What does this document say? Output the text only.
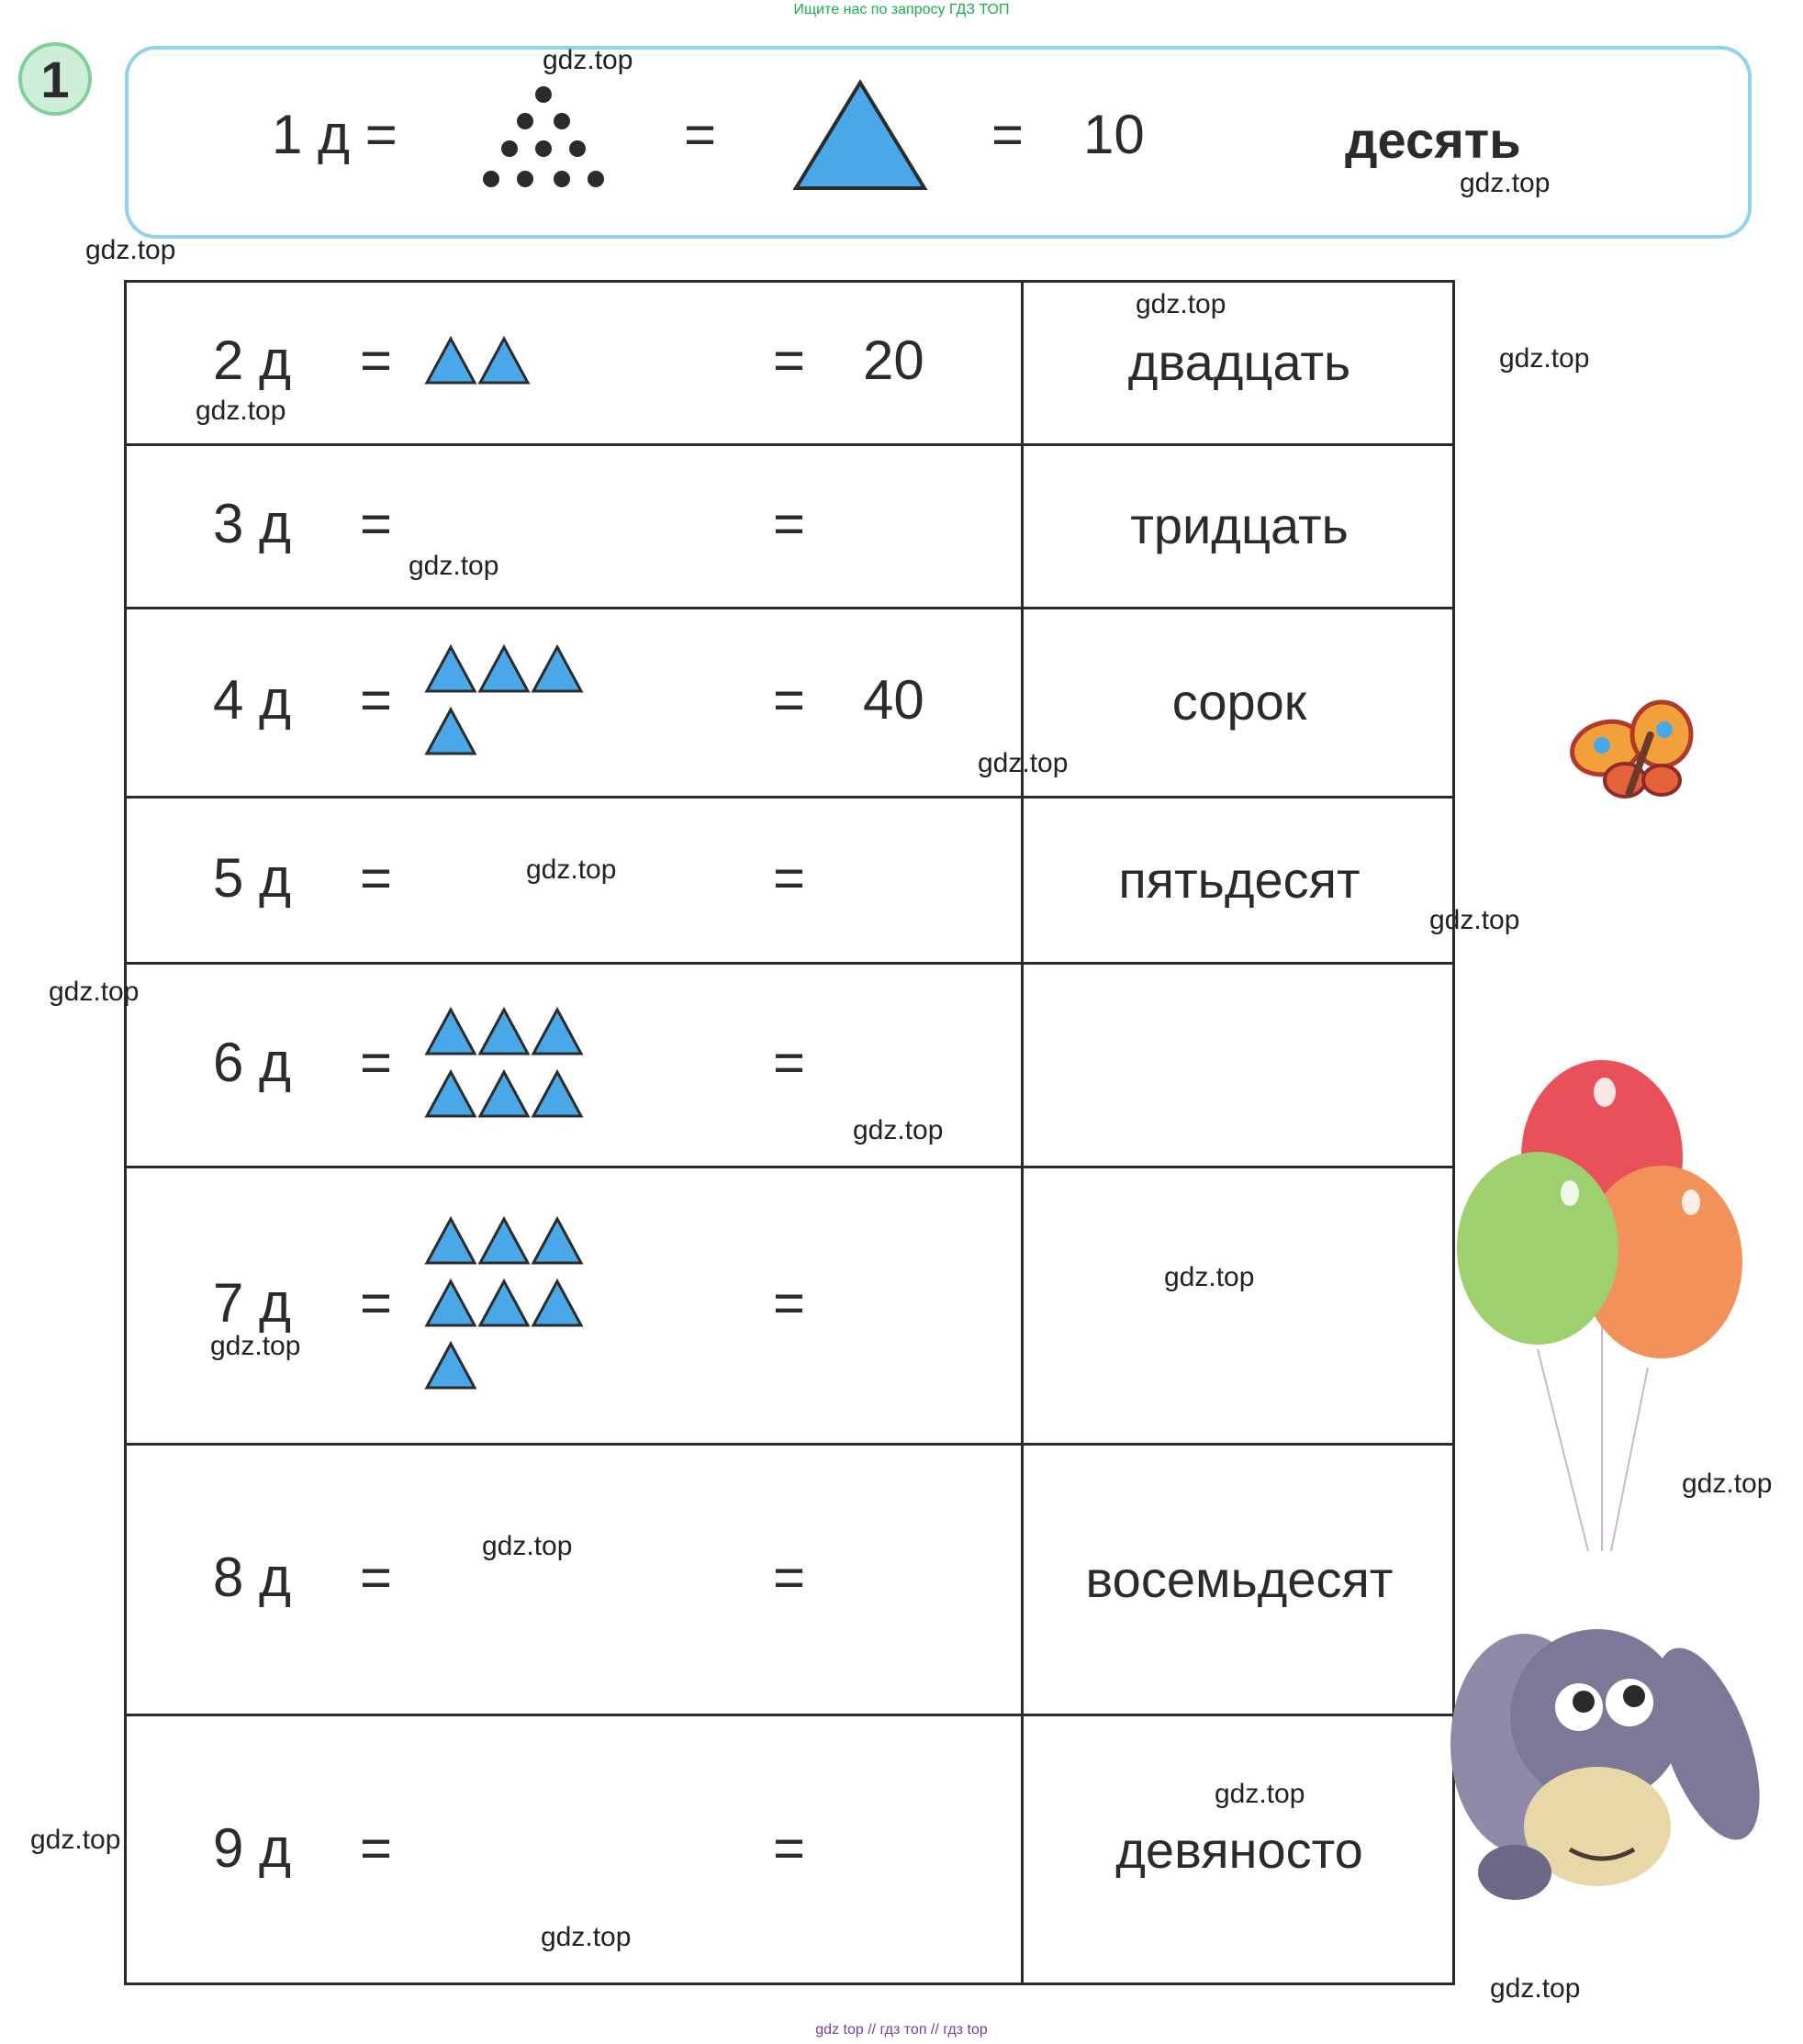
Ищите нас по запросу ГДЗ ТОП
1
1 д =	=	= 10	десять
2 д =	= 20	двадцать
3 д =	=	тридцать
4 д =	= 40	сорок
5 д =	=	пятьдесят
6 д =	=
7 д =	=
8 д =	=	восемьдесят
9 д =	=	девяносто
gdz.top
gdz.top
gdz.top
gdz.top
gdz.top
gdz.top
gdz.top
gdz.top
gdz.top
gdz.top
gdz.top
gdz.top
gdz.top
gdz.top
gdz.top
gdz.top
gdz.top
gdz.top
gdz.top
gdz.top
gdz top // гдз топ // гдз top
